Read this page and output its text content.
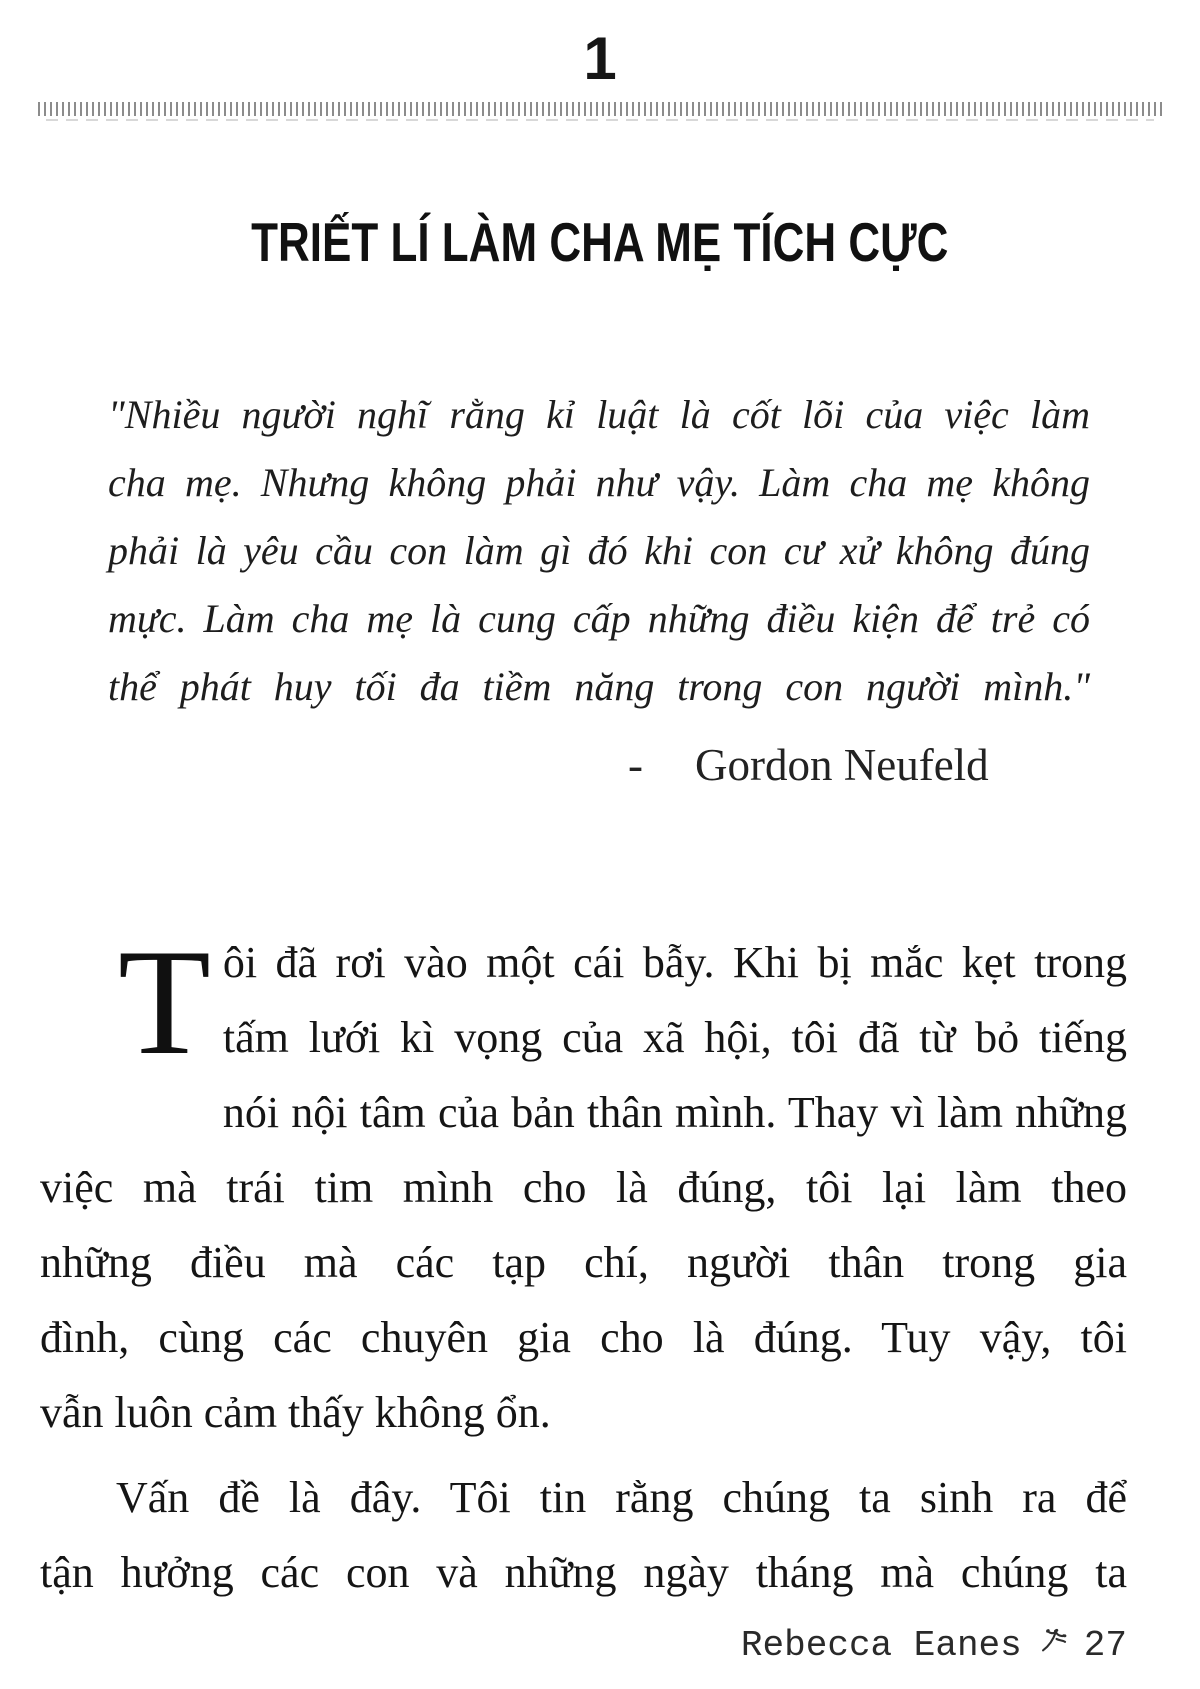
1
TRIẾT LÍ LÀM CHA MẸ TÍCH CỰC
"Nhiều người nghĩ rằng kỉ luật là cốt lõi của việc làm
cha mẹ. Nhưng không phải như vậy. Làm cha mẹ không
phải là yêu cầu con làm gì đó khi con cư xử không đúng
mực. Làm cha mẹ là cung cấp những điều kiện để trẻ có
thể phát huy tối đa tiềm năng trong con người mình."
- Gordon Neufeld
T ôi đã rơi vào một cái bẫy. Khi bị mắc kẹt trong
tấm lưới kì vọng của xã hội, tôi đã từ bỏ tiếng
nói nội tâm của bản thân mình. Thay vì làm những
việc mà trái tim mình cho là đúng, tôi lại làm theo
những điều mà các tạp chí, người thân trong gia
đình, cùng các chuyên gia cho là đúng. Tuy vậy, tôi
vẫn luôn cảm thấy không ổn.
Vấn đề là đây. Tôi tin rằng chúng ta sinh ra để
tận hưởng các con và những ngày tháng mà chúng ta
Rebecca Eanes 27
